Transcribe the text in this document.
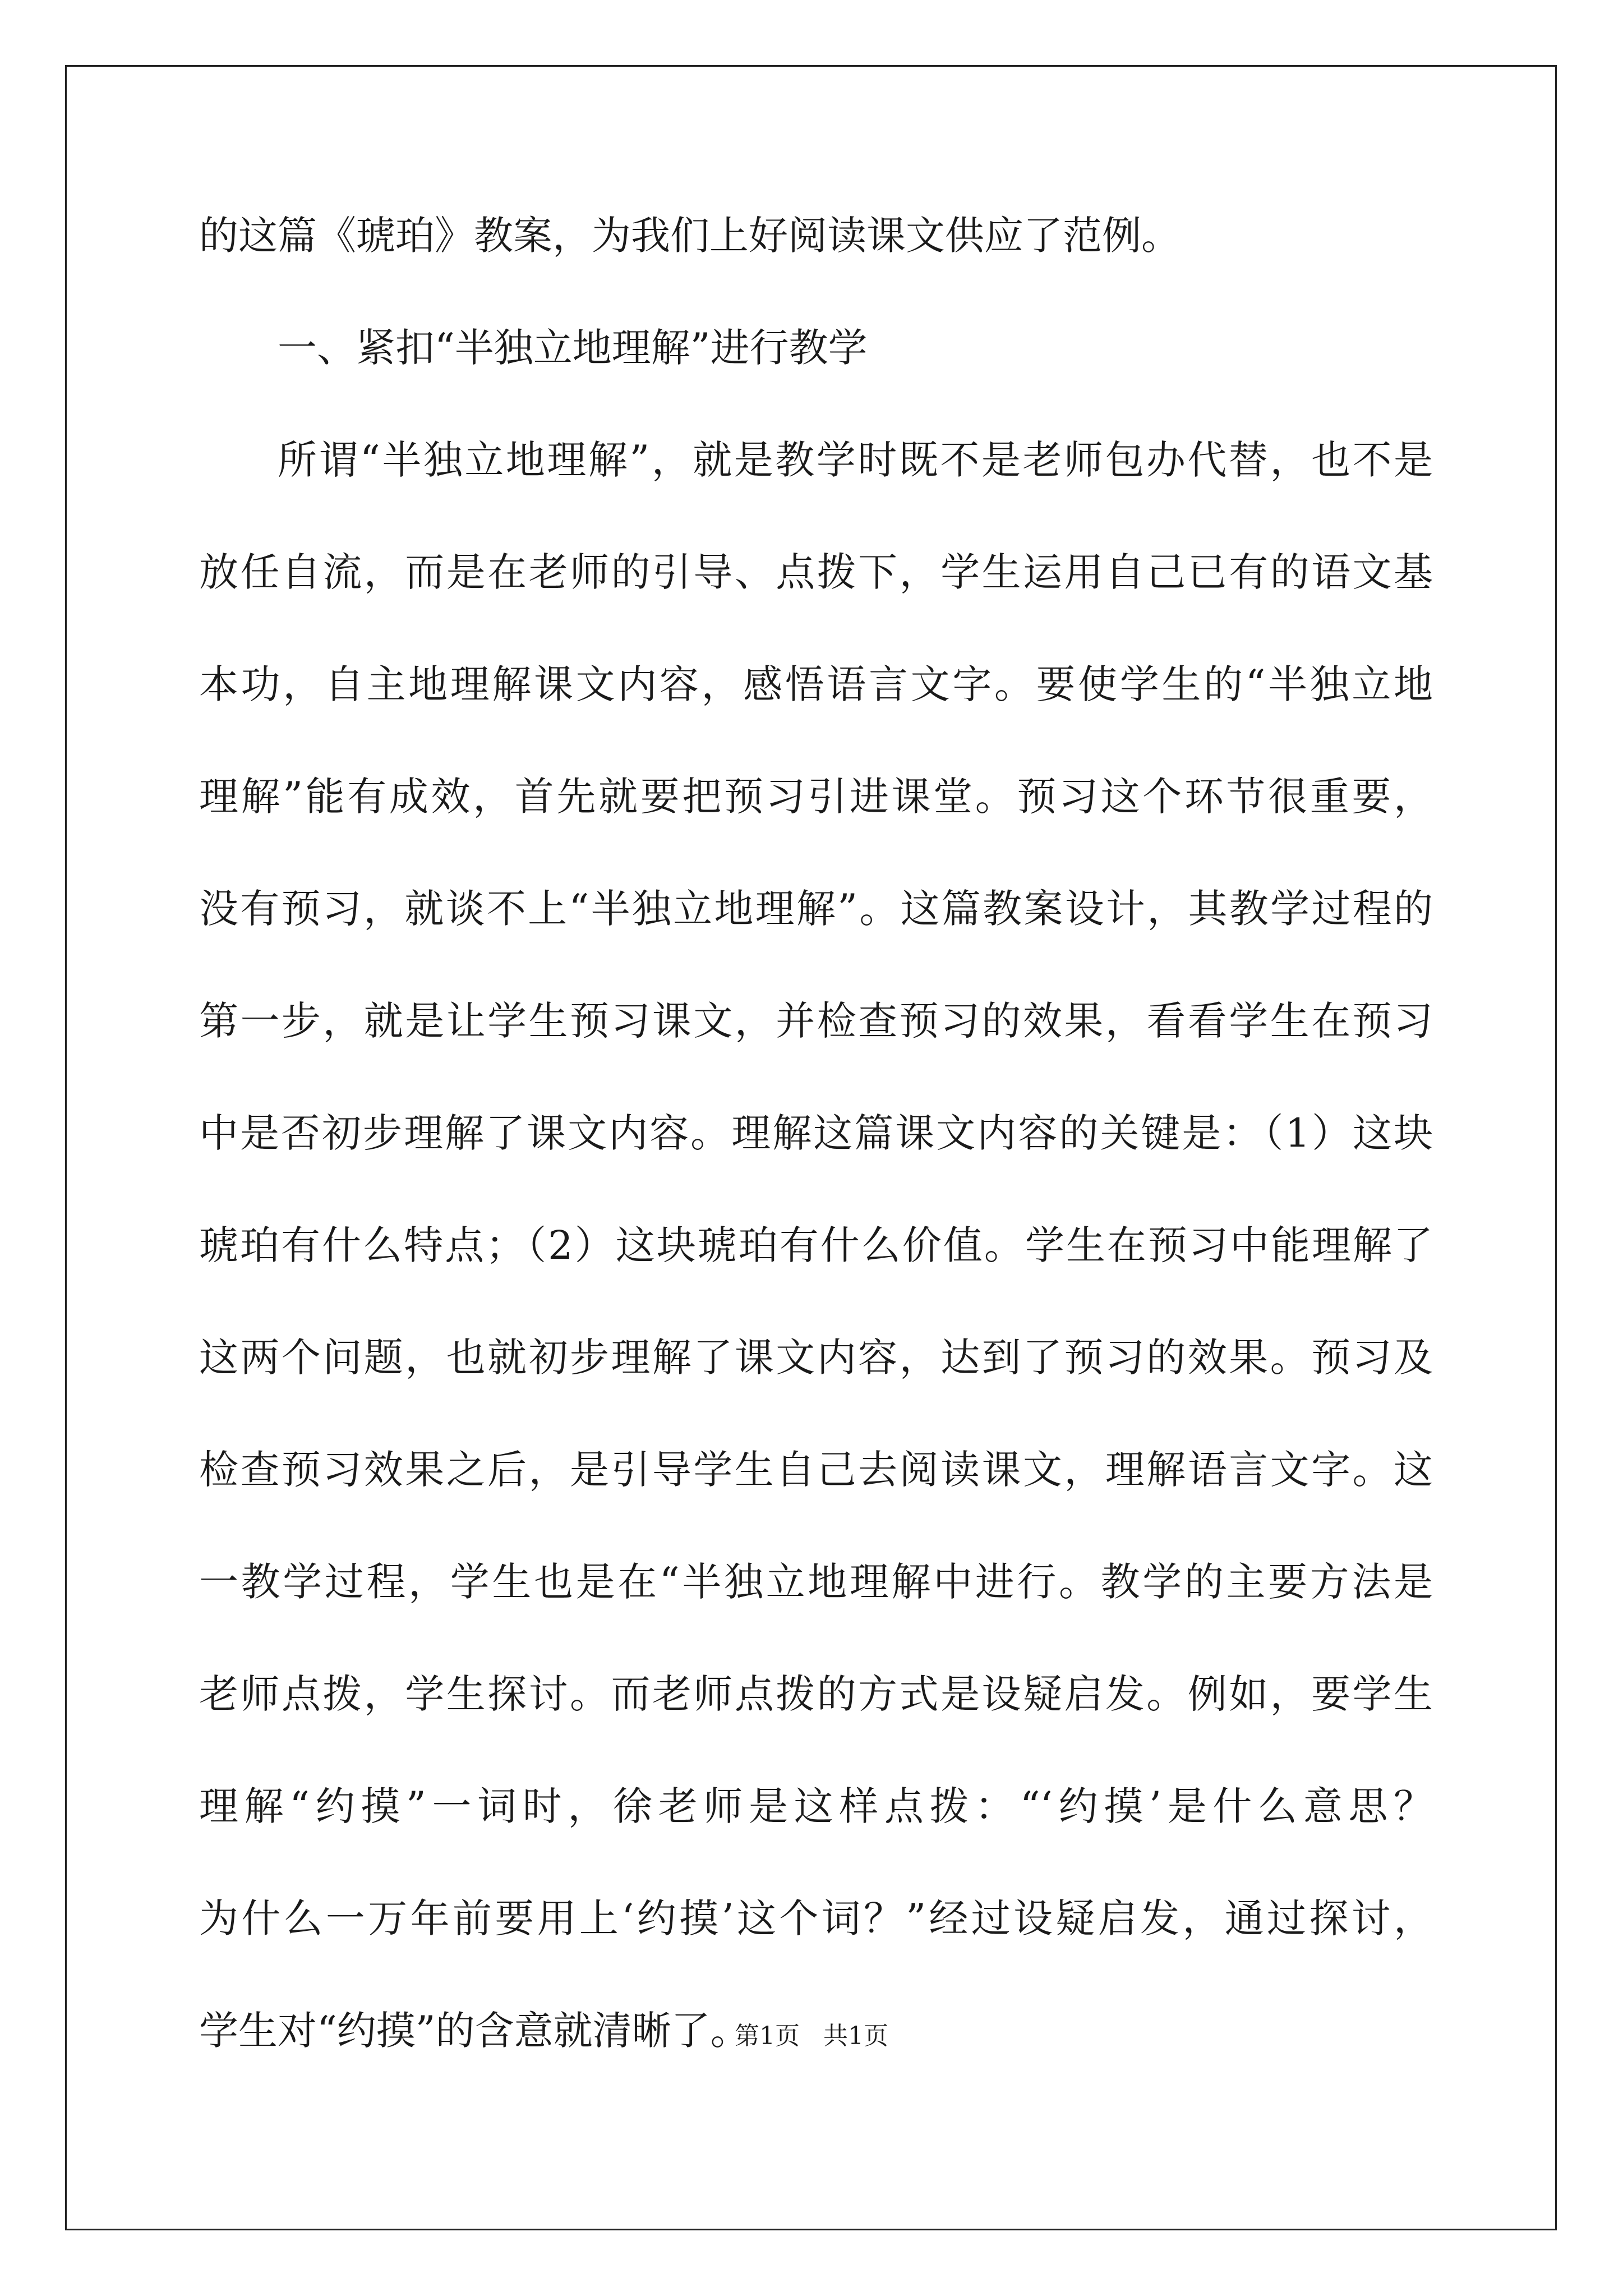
的这篇《琥珀》教案，为我们上好阅读课文供应了范例。
一、紧扣“半独立地理解”进行教学
所谓“半独立地理解”，就是教学时既不是老师包办代替，也不是
放任自流，而是在老师的引导、点拨下，学生运用自己已有的语文基
本功，自主地理解课文内容，感悟语言文字。要使学生的“半独立地
理解”能有成效，首先就要把预习引进课堂。预习这个环节很重要，
没有预习，就谈不上“半独立地理解”。这篇教案设计，其教学过程的
第一步，就是让学生预习课文，并检查预习的效果，看看学生在预习
中是否初步理解了课文内容。理解这篇课文内容的关键是：（1）这块
琥珀有什么特点；（2）这块琥珀有什么价值。学生在预习中能理解了
这两个问题，也就初步理解了课文内容，达到了预习的效果。预习及
检查预习效果之后，是引导学生自己去阅读课文，理解语言文字。这
一教学过程，学生也是在“半独立地理解中进行。教学的主要方法是
老师点拨，学生探讨。而老师点拨的方式是设疑启发。例如，要学生
理解“约摸”一词时，徐老师是这样点拨：“‘约摸’是什么意思？
为什么一万年前要用上‘约摸’这个词？”经过设疑启发，通过探讨，
学生对“约摸”的含意就清晰了。
第1页   共1页
